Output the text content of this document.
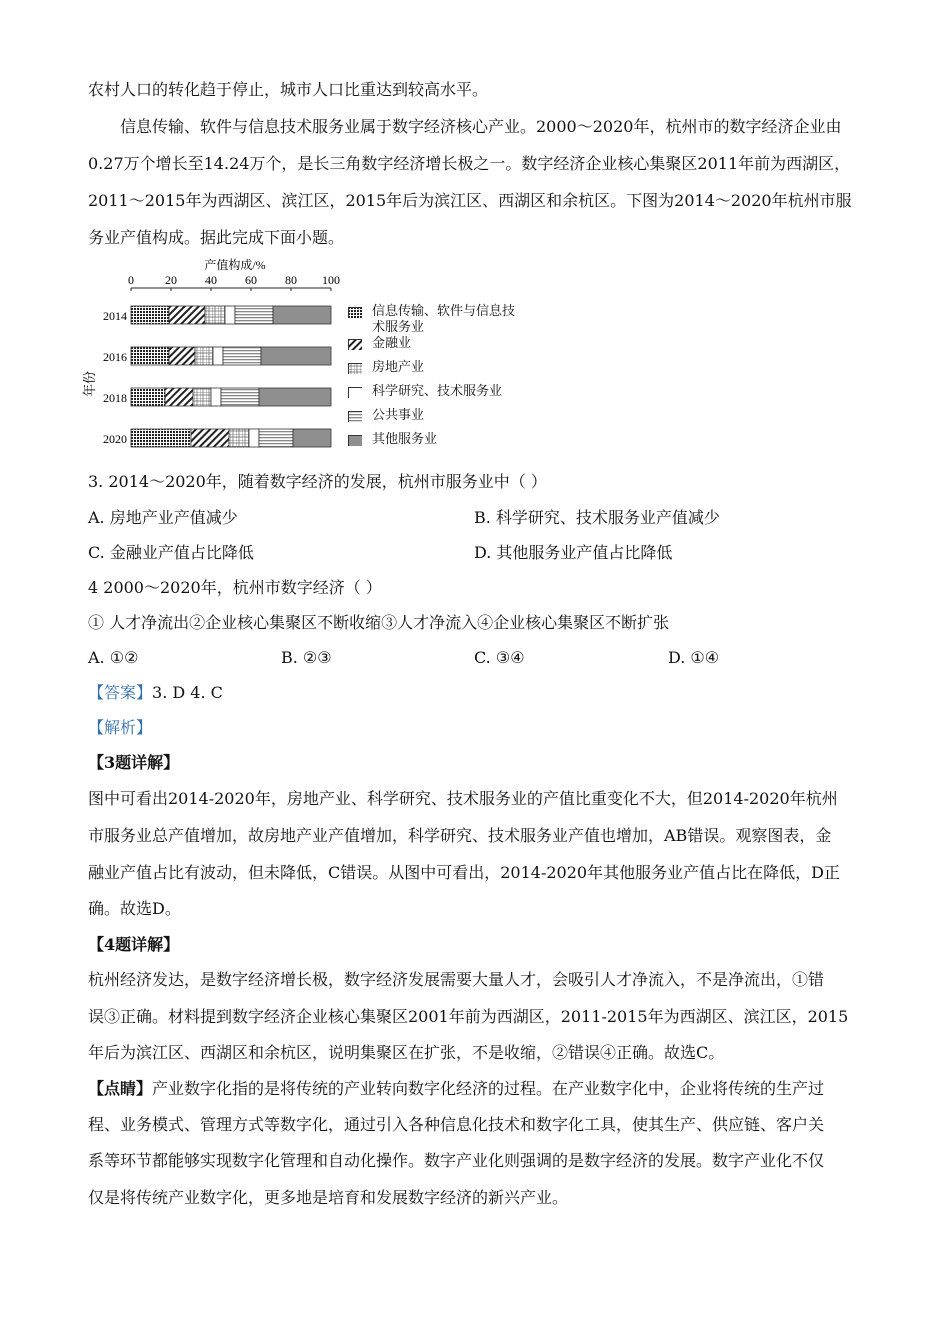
农村人口的转化趋于停止，城市人口比重达到较高水平。
信息传输、软件与信息技术服务业属于数字经济核心产业。2000～2020年，杭州市的数字经济企业由
0.27万个增长至14.24万个，是长三角数字经济增长极之一。数字经济企业核心集聚区2011年前为西湖区，
2011～2015年为西湖区、滨江区，2015年后为滨江区、西湖区和余杭区。下图为2014～2020年杭州市服
务业产值构成。据此完成下面小题。
产值构成/%
0	20 40 60 80 100
2014
2016
2018
2020
年份
信息传输、软件与信息技术服务业
金融业
房地产业
科学研究、技术服务业
公共事业
其他服务业
3. 2014～2020年，随着数字经济的发展，杭州市服务业中（ ）
A. 房地产业产值减少	B. 科学研究、技术服务业产值减少
C. 金融业产值占比降低	D. 其他服务业产值占比降低
4 2000～2020年，杭州市数字经济（ ）
① 人才净流出②企业核心集聚区不断收缩③人才净流入④企业核心集聚区不断扩张
A. ①②	B. ②③	C. ③④	D. ①④
【答案】3. D 4. C
【解析】
【3题详解】
图中可看出2014-2020年，房地产业、科学研究、技术服务业的产值比重变化不大，但2014-2020年杭州
市服务业总产值增加，故房地产业产值增加，科学研究、技术服务业产值也增加，AB错误。观察图表，金
融业产值占比有波动，但未降低，C错误。从图中可看出，2014-2020年其他服务业产值占比在降低，D正
确。故选D。
【4题详解】
杭州经济发达，是数字经济增长极，数字经济发展需要大量人才，会吸引人才净流入，不是净流出，①错
误③正确。材料提到数字经济企业核心集聚区2001年前为西湖区，2011-2015年为西湖区、滨江区，2015
年后为滨江区、西湖区和余杭区，说明集聚区在扩张，不是收缩，②错误④正确。故选C。
【点睛】产业数字化指的是将传统的产业转向数字化经济的过程。在产业数字化中，企业将传统的生产过
程、业务模式、管理方式等数字化，通过引入各种信息化技术和数字化工具，使其生产、供应链、客户关
系等环节都能够实现数字化管理和自动化操作。数字产业化则强调的是数字经济的发展。数字产业化不仅
仅是将传统产业数字化，更多地是培育和发展数字经济的新兴产业。
